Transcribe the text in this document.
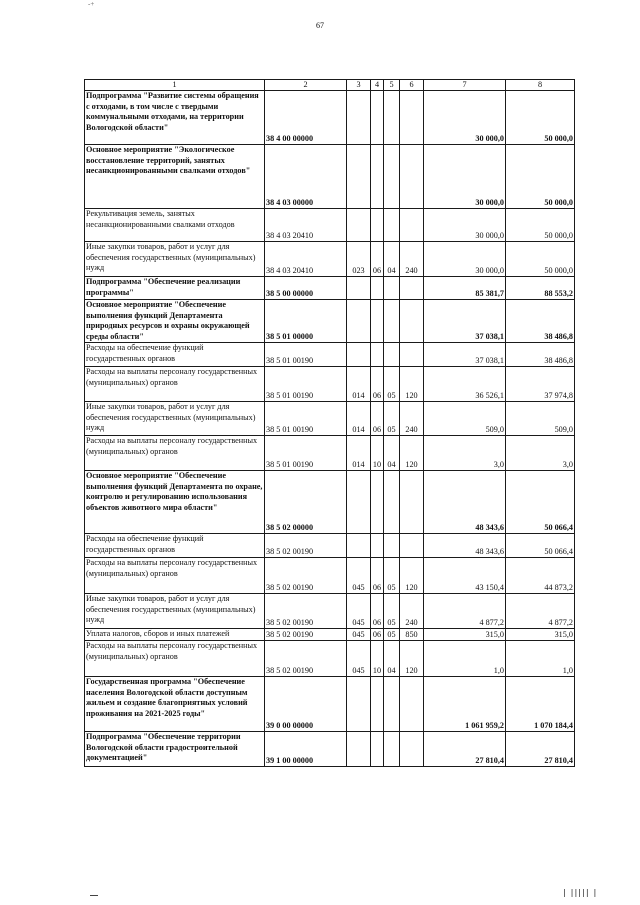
-+
67
1	2	3	4	5	6	7	8
Подпрограмма "Развитие системы обращения с отходами, в том числе с твердыми коммунальными отходами, на территории Вологодской области"	38 4 00 00000					30 000,0	50 000,0
Основное мероприятие "Экологическое восстановление территорий, занятых несанкционированными свалками отходов"	38 4 03 00000					30 000,0	50 000,0
Рекультивация земель, занятых несанкционированными свалками отходов	38 4 03 20410					30 000,0	50 000,0
Иные закупки товаров, работ и услуг для обеспечения государственных (муниципальных) нужд	38 4 03 20410	023	06	04	240	30 000,0	50 000,0
Подпрограмма "Обеспечение реализации программы"	38 5 00 00000					85 381,7	88 553,2
Основное мероприятие "Обеспечение выполнения функций Департамента природных ресурсов и охраны окружающей среды области"	38 5 01 00000					37 038,1	38 486,8
Расходы на обеспечение функций государственных органов	38 5 01 00190					37 038,1	38 486,8
Расходы на выплаты персоналу государственных (муниципальных) органов	38 5 01 00190	014	06	05	120	36 526,1	37 974,8
Иные закупки товаров, работ и услуг для обеспечения государственных (муниципальных) нужд	38 5 01 00190	014	06	05	240	509,0	509,0
Расходы на выплаты персоналу государственных (муниципальных) органов	38 5 01 00190	014	10	04	120	3,0	3,0
Основное мероприятие "Обеспечение выполнения функций Департамента по охране, контролю и регулированию использования объектов животного мира области"	38 5 02 00000					48 343,6	50 066,4
Расходы на обеспечение функций государственных органов	38 5 02 00190					48 343,6	50 066,4
Расходы на выплаты персоналу государственных (муниципальных) органов	38 5 02 00190	045	06	05	120	43 150,4	44 873,2
Иные закупки товаров, работ и услуг для обеспечения государственных (муниципальных) нужд	38 5 02 00190	045	06	05	240	4 877,2	4 877,2
Уплата налогов, сборов и иных платежей	38 5 02 00190	045	06	05	850	315,0	315,0
Расходы на выплаты персоналу государственных (муниципальных) органов	38 5 02 00190	045	10	04	120	1,0	1,0
Государственная программа "Обеспечение населения Вологодской области доступным жильем и создание благоприятных условий проживания на 2021-2025 годы"	39 0 00 00000					1 061 959,2	1 070 184,4
Подпрограмма "Обеспечение территории Вологодской области градостроительной документацией"	39 1 00 00000					27 810,4	27 810,4
| ||||| |
